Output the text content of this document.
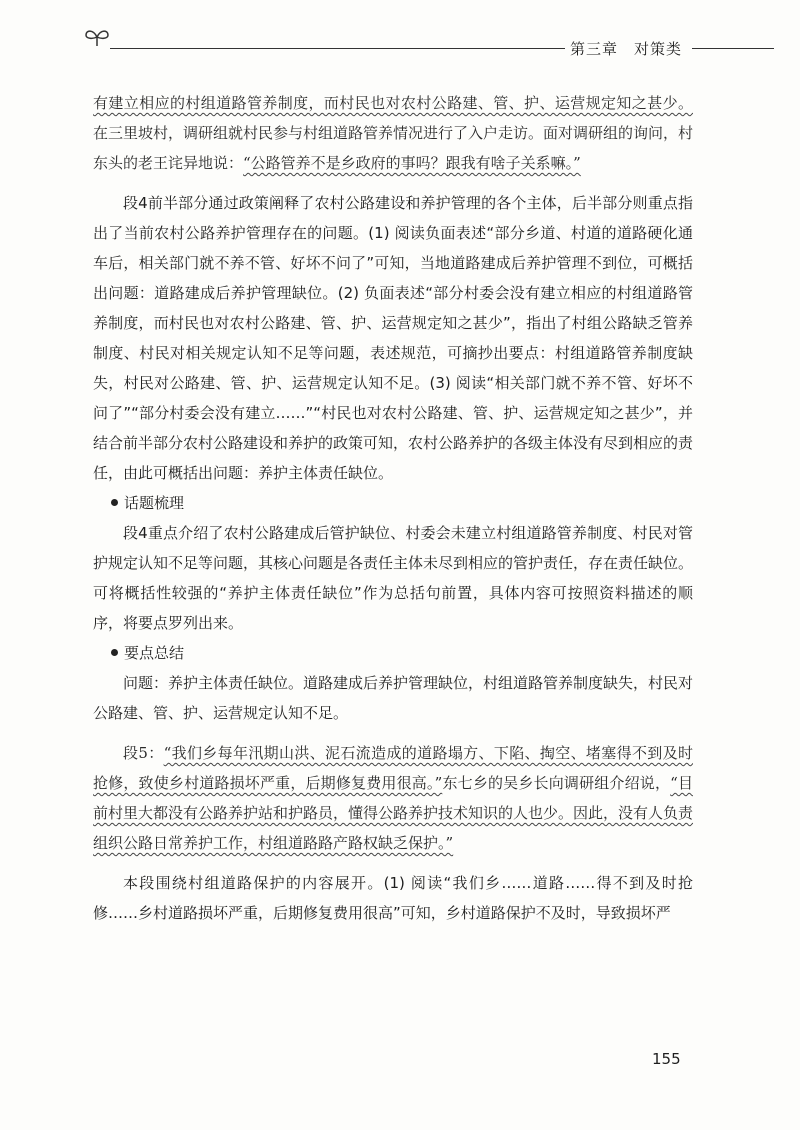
第三章　对策类

有建立相应的村组道路管养制度，而村民也对农村公路建、管、护、运营规定知之甚少。在三里坡村，调研组就村民参与村组道路管养情况进行了入户走访。面对调研组的询问，村东头的老王诧异地说：“公路管养不是乡政府的事吗？跟我有啥子关系嘛。”

段4前半部分通过政策阐释了农村公路建设和养护管理的各个主体，后半部分则重点指出了当前农村公路养护管理存在的问题。(1) 阅读负面表述“部分乡道、村道的道路硬化通车后，相关部门就不养不管、好坏不问了”可知，当地道路建成后养护管理不到位，可概括出问题：道路建成后养护管理缺位。(2) 负面表述“部分村委会没有建立相应的村组道路管养制度，而村民也对农村公路建、管、护、运营规定知之甚少”，指出了村组公路缺乏管养制度、村民对相关规定认知不足等问题，表述规范，可摘抄出要点：村组道路管养制度缺失，村民对公路建、管、护、运营规定认知不足。(3) 阅读“相关部门就不养不管、好坏不问了”“部分村委会没有建立……”“村民也对农村公路建、管、护、运营规定知之甚少”，并结合前半部分农村公路建设和养护的政策可知，农村公路养护的各级主体没有尽到相应的责任，由此可概括出问题：养护主体责任缺位。

话题梳理

段4重点介绍了农村公路建成后管护缺位、村委会未建立村组道路管养制度、村民对管护规定认知不足等问题，其核心问题是各责任主体未尽到相应的管护责任，存在责任缺位。可将概括性较强的“养护主体责任缺位”作为总括句前置，具体内容可按照资料描述的顺序，将要点罗列出来。

要点总结

问题：养护主体责任缺位。道路建成后养护管理缺位，村组道路管养制度缺失，村民对公路建、管、护、运营规定认知不足。

段5：“我们乡每年汛期山洪、泥石流造成的道路塌方、下陷、掏空、堵塞得不到及时抢修，致使乡村道路损坏严重，后期修复费用很高。”东七乡的吴乡长向调研组介绍说，“目前村里大都没有公路养护站和护路员，懂得公路养护技术知识的人也少。因此，没有人负责组织公路日常养护工作，村组道路路产路权缺乏保护。”

本段围绕村组道路保护的内容展开。(1) 阅读“我们乡……道路……得不到及时抢修……乡村道路损坏严重，后期修复费用很高”可知，乡村道路保护不及时，导致损坏严

155
